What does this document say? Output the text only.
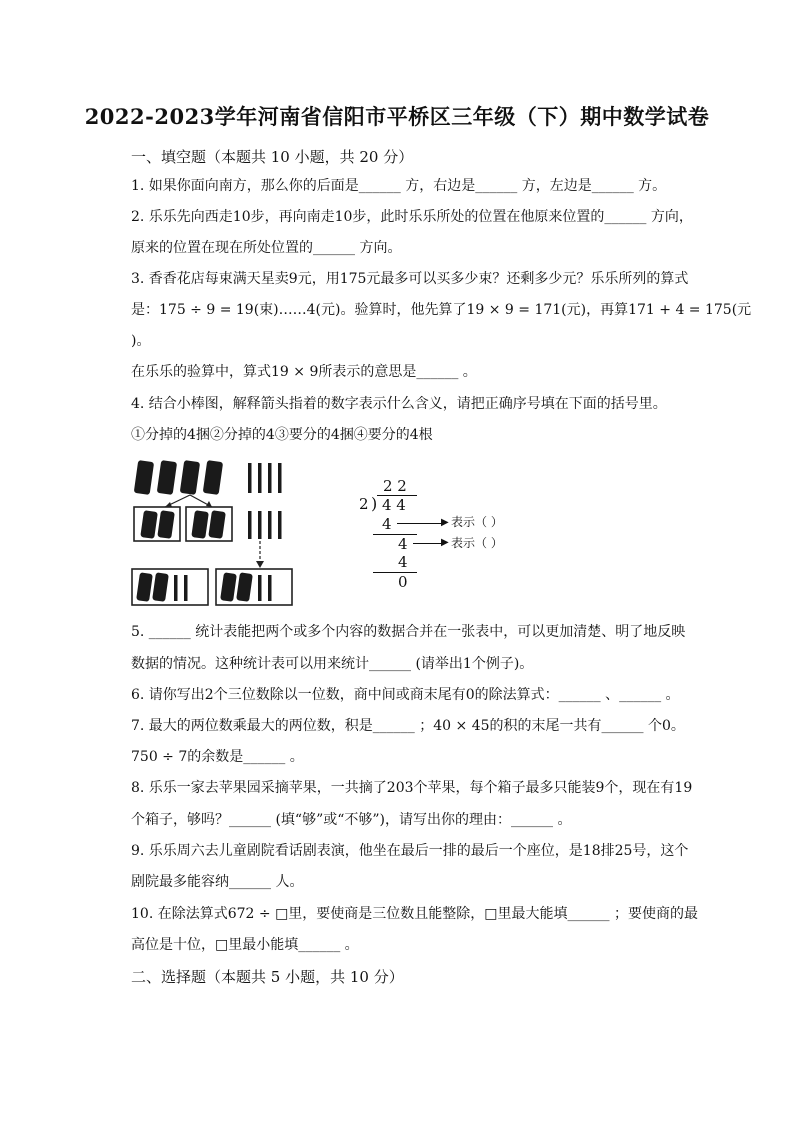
2022-2023学年河南省信阳市平桥区三年级（下）期中数学试卷
一、填空题（本题共 10 小题，共 20 分）
1. 如果你面向南方，那么你的后面是______ 方，右边是______ 方，左边是______ 方。
2. 乐乐先向西走10步，再向南走10步，此时乐乐所处的位置在他原来位置的______ 方向，
原来的位置在现在所处位置的______ 方向。
3. 香香花店每束满天星卖9元，用175元最多可以买多少束？还剩多少元？乐乐所列的算式
是：175 ÷ 9 = 19(束)……4(元)。验算时，他先算了19 × 9 = 171(元)，再算171 + 4 = 175(元
)。
在乐乐的验算中，算式19 × 9所表示的意思是______ 。
4. 结合小棒图，解释箭头指着的数字表示什么含义，请把正确序号填在下面的括号里。
①分掉的4捆②分掉的4③要分的4捆④要分的4根
2 2
2 ) 4 4
4
4
4
0
▶
▶
表示（ ）
表示（ ）
5. ______ 统计表能把两个或多个内容的数据合并在一张表中，可以更加清楚、明了地反映
数据的情况。这种统计表可以用来统计______ (请举出1个例子)。
6. 请你写出2个三位数除以一位数，商中间或商末尾有0的除法算式：______ 、______ 。
7. 最大的两位数乘最大的两位数，积是______ ；40 × 45的积的末尾一共有______ 个0。
750 ÷ 7的余数是______ 。
8. 乐乐一家去苹果园采摘苹果，一共摘了203个苹果，每个箱子最多只能装9个，现在有19
个箱子，够吗？______ (填“够”或“不够”)，请写出你的理由：______ 。
9. 乐乐周六去儿童剧院看话剧表演，他坐在最后一排的最后一个座位，是18排25号，这个
剧院最多能容纳______ 人。
10. 在除法算式672 ÷ □里，要使商是三位数且能整除，□里最大能填______ ；要使商的最
高位是十位，□里最小能填______ 。
二、选择题（本题共 5 小题，共 10 分）
